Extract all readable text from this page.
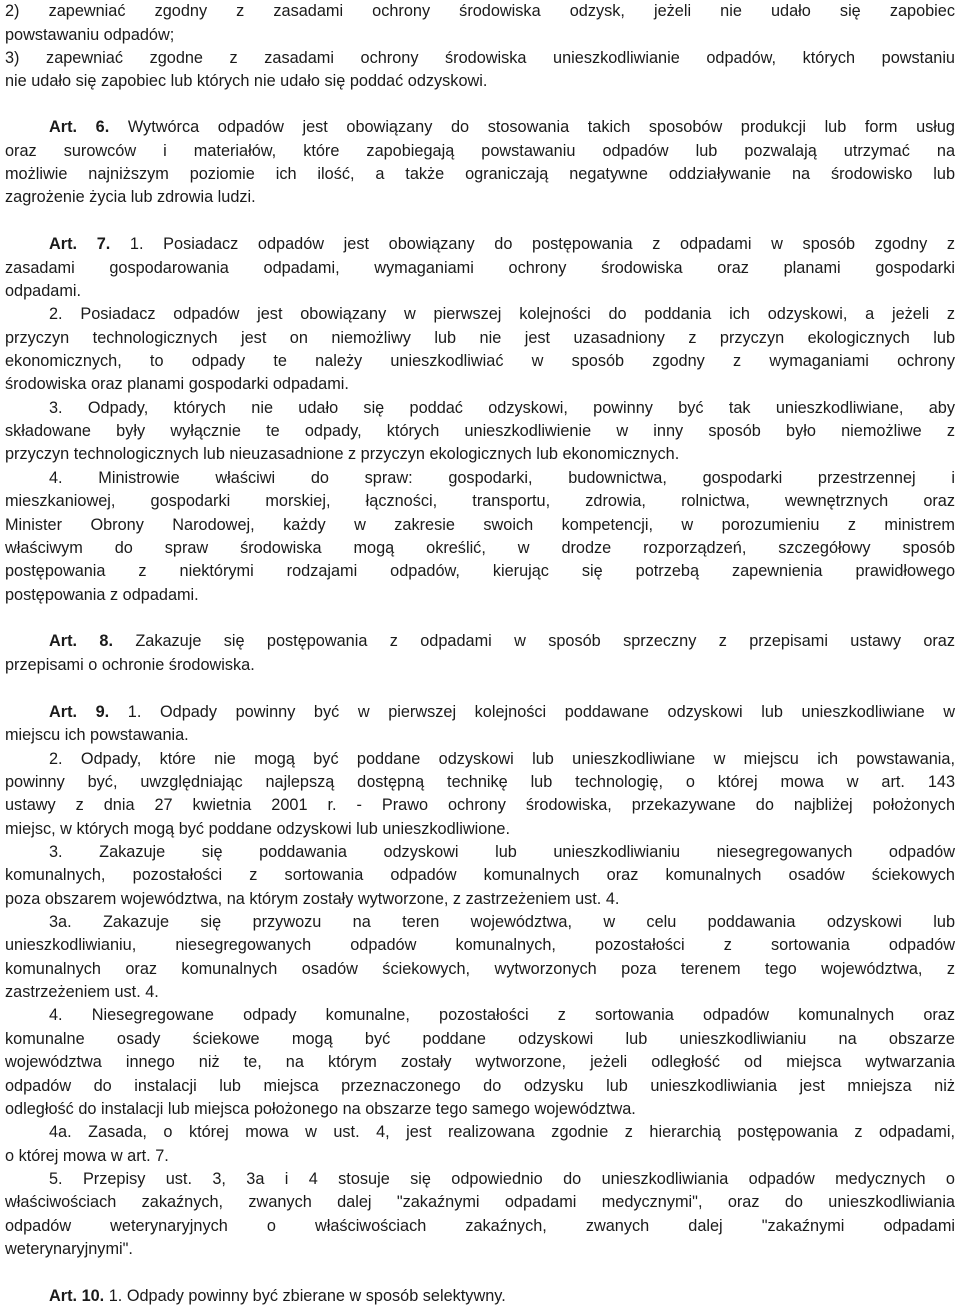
2) zapewniać zgodny z zasadami ochrony środowiska odzysk, jeżeli nie udało się zapobiec
powstawaniu odpadów;
3) zapewniać zgodne z zasadami ochrony środowiska unieszkodliwianie odpadów, których powstaniu
nie udało się zapobiec lub których nie udało się poddać odzyskowi.
Art. 6. Wytwórca odpadów jest obowiązany do stosowania takich sposobów produkcji lub form usług
oraz surowców i materiałów, które zapobiegają powstawaniu odpadów lub pozwalają utrzymać na
możliwie najniższym poziomie ich ilość, a także ograniczają negatywne oddziaływanie na środowisko lub
zagrożenie życia lub zdrowia ludzi.
Art. 7. 1. Posiadacz odpadów jest obowiązany do postępowania z odpadami w sposób zgodny z
zasadami gospodarowania odpadami, wymaganiami ochrony środowiska oraz planami gospodarki
odpadami.
2. Posiadacz odpadów jest obowiązany w pierwszej kolejności do poddania ich odzyskowi, a jeżeli z
przyczyn technologicznych jest on niemożliwy lub nie jest uzasadniony z przyczyn ekologicznych lub
ekonomicznych, to odpady te należy unieszkodliwiać w sposób zgodny z wymaganiami ochrony
środowiska oraz planami gospodarki odpadami.
3. Odpady, których nie udało się poddać odzyskowi, powinny być tak unieszkodliwiane, aby
składowane były wyłącznie te odpady, których unieszkodliwienie w inny sposób było niemożliwe z
przyczyn technologicznych lub nieuzasadnione z przyczyn ekologicznych lub ekonomicznych.
4. Ministrowie właściwi do spraw: gospodarki, budownictwa, gospodarki przestrzennej i
mieszkaniowej, gospodarki morskiej, łączności, transportu, zdrowia, rolnictwa, wewnętrznych oraz
Minister Obrony Narodowej, każdy w zakresie swoich kompetencji, w porozumieniu z ministrem
właściwym do spraw środowiska mogą określić, w drodze rozporządzeń, szczegółowy sposób
postępowania z niektórymi rodzajami odpadów, kierując się potrzebą zapewnienia prawidłowego
postępowania z odpadami.
Art. 8. Zakazuje się postępowania z odpadami w sposób sprzeczny z przepisami ustawy oraz
przepisami o ochronie środowiska.
Art. 9. 1. Odpady powinny być w pierwszej kolejności poddawane odzyskowi lub unieszkodliwiane w
miejscu ich powstawania.
2. Odpady, które nie mogą być poddane odzyskowi lub unieszkodliwiane w miejscu ich powstawania,
powinny być, uwzględniając najlepszą dostępną technikę lub technologię, o której mowa w art. 143
ustawy z dnia 27 kwietnia 2001 r. - Prawo ochrony środowiska, przekazywane do najbliżej położonych
miejsc, w których mogą być poddane odzyskowi lub unieszkodliwione.
3. Zakazuje się poddawania odzyskowi lub unieszkodliwianiu niesegregowanych odpadów
komunalnych, pozostałości z sortowania odpadów komunalnych oraz komunalnych osadów ściekowych
poza obszarem województwa, na którym zostały wytworzone, z zastrzeżeniem ust. 4.
3a. Zakazuje się przywozu na teren województwa, w celu poddawania odzyskowi lub
unieszkodliwianiu, niesegregowanych odpadów komunalnych, pozostałości z sortowania odpadów
komunalnych oraz komunalnych osadów ściekowych, wytworzonych poza terenem tego województwa, z
zastrzeżeniem ust. 4.
4. Niesegregowane odpady komunalne, pozostałości z sortowania odpadów komunalnych oraz
komunalne osady ściekowe mogą być poddane odzyskowi lub unieszkodliwianiu na obszarze
województwa innego niż te, na którym zostały wytworzone, jeżeli odległość od miejsca wytwarzania
odpadów do instalacji lub miejsca przeznaczonego do odzysku lub unieszkodliwiania jest mniejsza niż
odległość do instalacji lub miejsca położonego na obszarze tego samego województwa.
4a. Zasada, o której mowa w ust. 4, jest realizowana zgodnie z hierarchią postępowania z odpadami,
o której mowa w art. 7.
5. Przepisy ust. 3, 3a i 4 stosuje się odpowiednio do unieszkodliwiania odpadów medycznych o
właściwościach zakaźnych, zwanych dalej "zakaźnymi odpadami medycznymi", oraz do unieszkodliwiania
odpadów weterynaryjnych o właściwościach zakaźnych, zwanych dalej "zakaźnymi odpadami
weterynaryjnymi".
Art. 10. 1. Odpady powinny być zbierane w sposób selektywny.
